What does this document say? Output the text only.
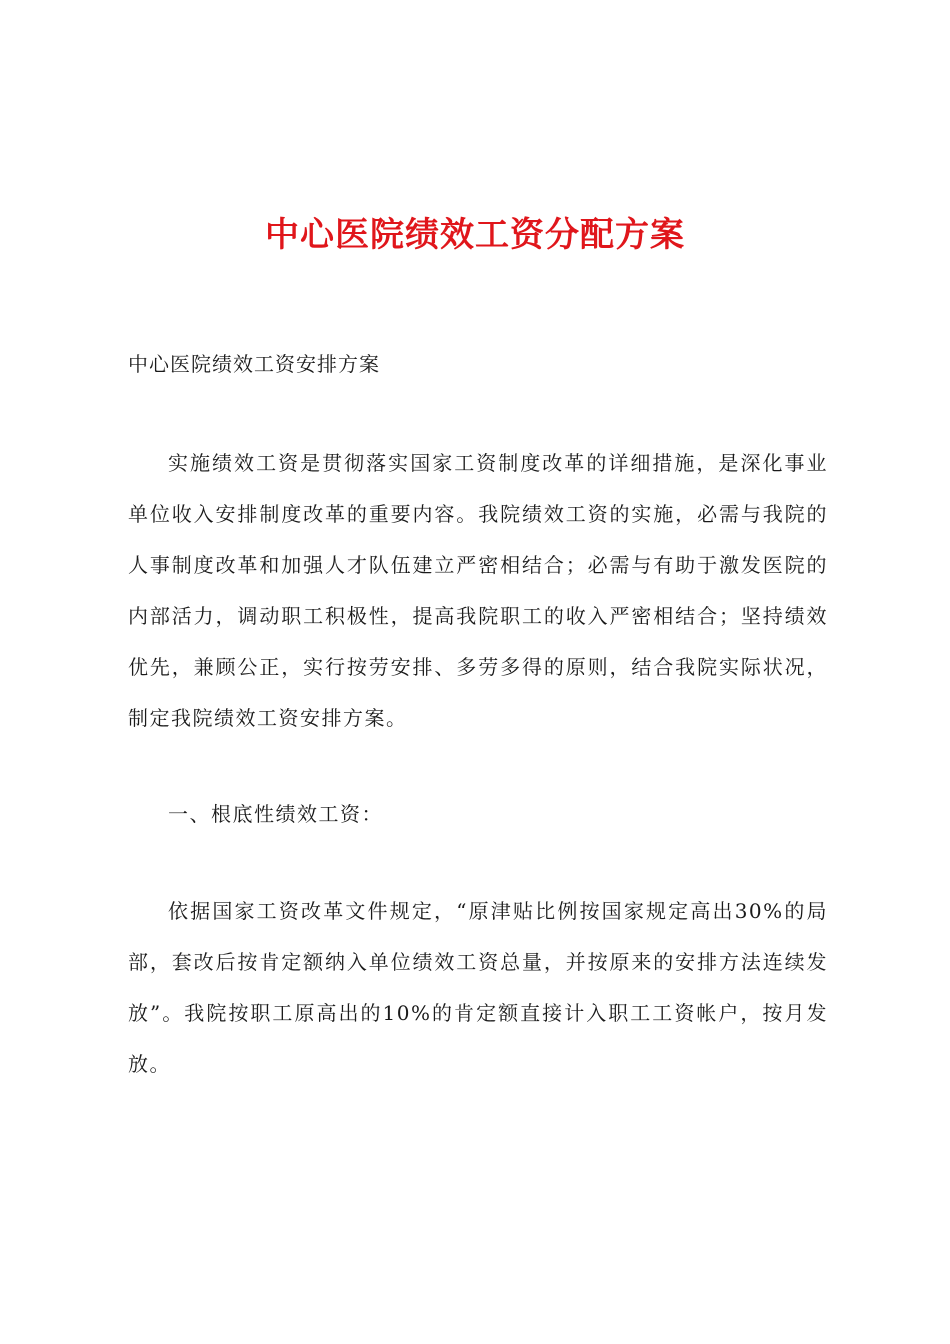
中心医院绩效工资分配方案

中心医院绩效工资安排方案

实施绩效工资是贯彻落实国家工资制度改革的详细措施，是深化事业单位收入安排制度改革的重要内容。我院绩效工资的实施，必需与我院的人事制度改革和加强人才队伍建立严密相结合；必需与有助于激发医院的内部活力，调动职工积极性，提高我院职工的收入严密相结合；坚持绩效优先，兼顾公正，实行按劳安排、多劳多得的原则，结合我院实际状况，制定我院绩效工资安排方案。

一、根底性绩效工资：

依据国家工资改革文件规定，“原津贴比例按国家规定高出30%的局部，套改后按肯定额纳入单位绩效工资总量，并按原来的安排方法连续发放”。我院按职工原高出的10%的肯定额直接计入职工工资帐户，按月发放。
